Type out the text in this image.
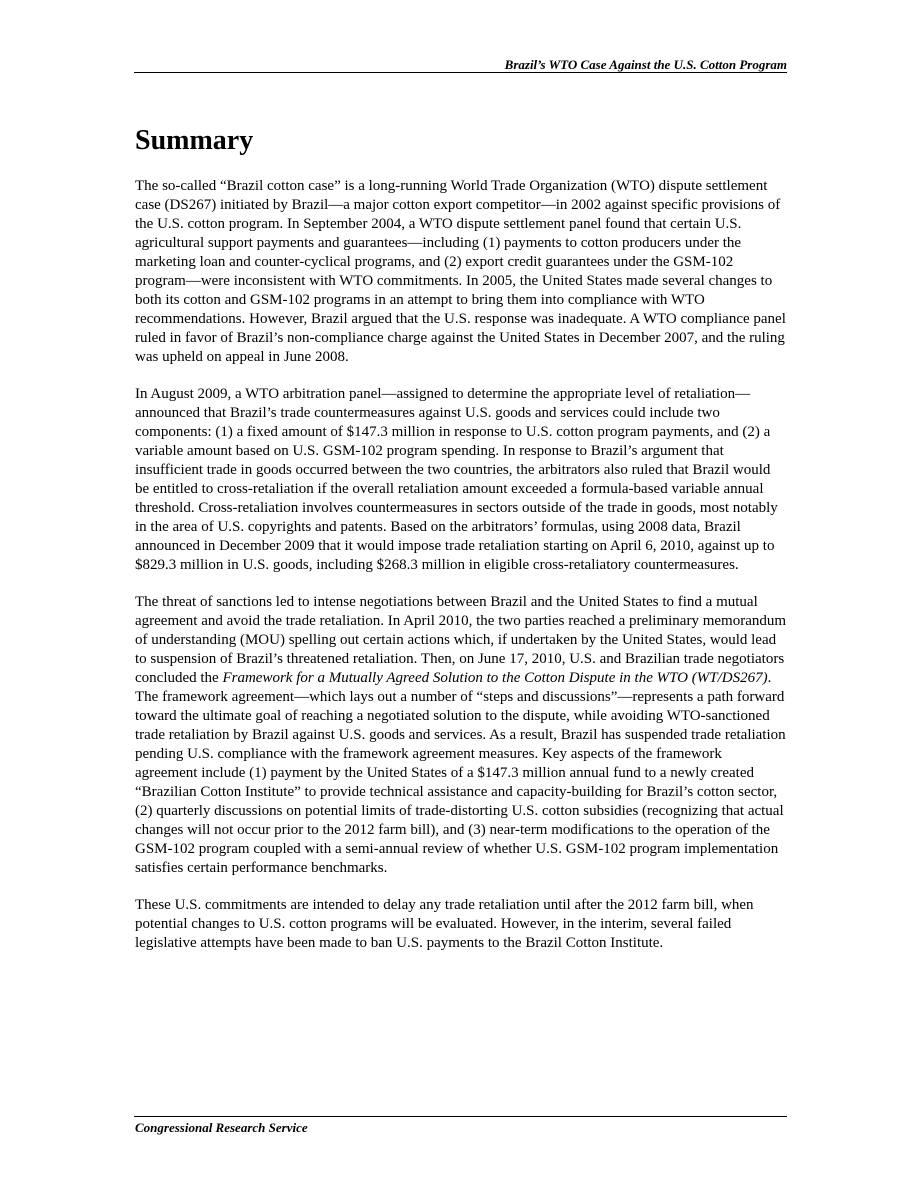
Brazil’s WTO Case Against the U.S. Cotton Program
Summary

The so-called “Brazil cotton case” is a long-running World Trade Organization (WTO) dispute settlement case (DS267) initiated by Brazil—a major cotton export competitor—in 2002 against specific provisions of the U.S. cotton program. In September 2004, a WTO dispute settlement panel found that certain U.S. agricultural support payments and guarantees—including (1) payments to cotton producers under the marketing loan and counter-cyclical programs, and (2) export credit guarantees under the GSM-102 program—were inconsistent with WTO commitments. In 2005, the United States made several changes to both its cotton and GSM-102 programs in an attempt to bring them into compliance with WTO recommendations. However, Brazil argued that the U.S. response was inadequate. A WTO compliance panel ruled in favor of Brazil’s non-compliance charge against the United States in December 2007, and the ruling was upheld on appeal in June 2008.

In August 2009, a WTO arbitration panel—assigned to determine the appropriate level of retaliation—announced that Brazil’s trade countermeasures against U.S. goods and services could include two components: (1) a fixed amount of $147.3 million in response to U.S. cotton program payments, and (2) a variable amount based on U.S. GSM-102 program spending. In response to Brazil’s argument that insufficient trade in goods occurred between the two countries, the arbitrators also ruled that Brazil would be entitled to cross-retaliation if the overall retaliation amount exceeded a formula-based variable annual threshold. Cross-retaliation involves countermeasures in sectors outside of the trade in goods, most notably in the area of U.S. copyrights and patents. Based on the arbitrators’ formulas, using 2008 data, Brazil announced in December 2009 that it would impose trade retaliation starting on April 6, 2010, against up to $829.3 million in U.S. goods, including $268.3 million in eligible cross-retaliatory countermeasures.

The threat of sanctions led to intense negotiations between Brazil and the United States to find a mutual agreement and avoid the trade retaliation. In April 2010, the two parties reached a preliminary memorandum of understanding (MOU) spelling out certain actions which, if undertaken by the United States, would lead to suspension of Brazil’s threatened retaliation. Then, on June 17, 2010, U.S. and Brazilian trade negotiators concluded the Framework for a Mutually Agreed Solution to the Cotton Dispute in the WTO (WT/DS267). The framework agreement—which lays out a number of “steps and discussions”—represents a path forward toward the ultimate goal of reaching a negotiated solution to the dispute, while avoiding WTO-sanctioned trade retaliation by Brazil against U.S. goods and services. As a result, Brazil has suspended trade retaliation pending U.S. compliance with the framework agreement measures. Key aspects of the framework agreement include (1) payment by the United States of a $147.3 million annual fund to a newly created “Brazilian Cotton Institute” to provide technical assistance and capacity-building for Brazil’s cotton sector, (2) quarterly discussions on potential limits of trade-distorting U.S. cotton subsidies (recognizing that actual changes will not occur prior to the 2012 farm bill), and (3) near-term modifications to the operation of the GSM-102 program coupled with a semi-annual review of whether U.S. GSM-102 program implementation satisfies certain performance benchmarks.

These U.S. commitments are intended to delay any trade retaliation until after the 2012 farm bill, when potential changes to U.S. cotton programs will be evaluated. However, in the interim, several failed legislative attempts have been made to ban U.S. payments to the Brazil Cotton Institute.

Congressional Research Service
